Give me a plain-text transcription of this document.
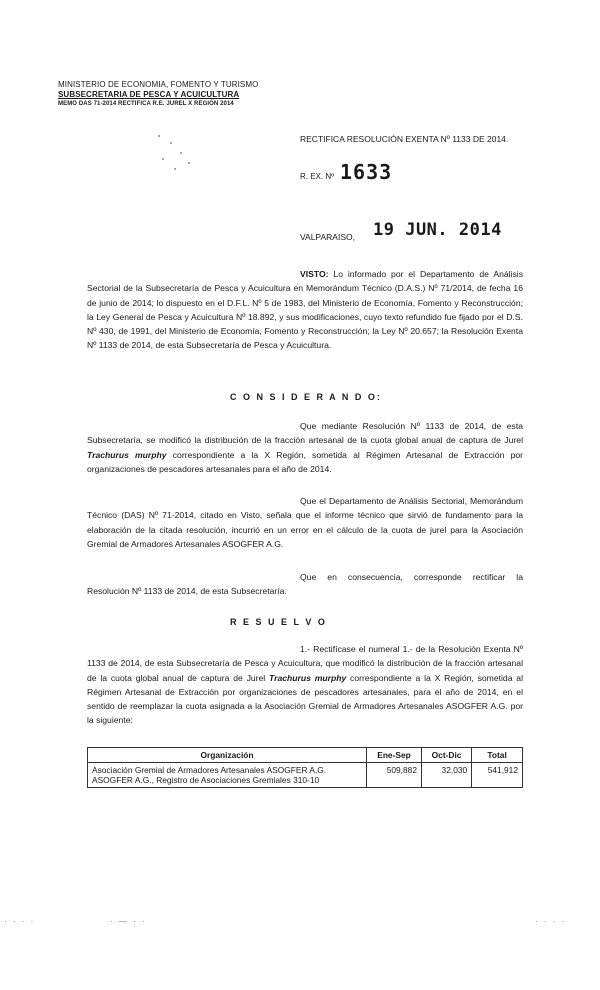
MINISTERIO DE ECONOMIA, FOMENTO Y TURISMO
SUBSECRETARIA DE PESCA Y ACUICULTURA
MEMO DAS 71-2014 RECTIFICA R.E. JUREL X REGIÓN 2014
RECTIFICA RESOLUCIÓN EXENTA Nº 1133 DE 2014.
R. EX. Nº 1633
VALPARAISO, 19 JUN. 2014
VISTO: Lo informado por el Departamento de Análisis Sectorial de la Subsecretaría de Pesca y Acuicultura en Memorándum Técnico (D.A.S.) Nº 71/2014, de fecha 16 de junio de 2014; lo dispuesto en el D.F.L. Nº 5 de 1983, del Ministerio de Economía, Fomento y Reconstrucción; la Ley General de Pesca y Acuicultura Nº 18.892, y sus modificaciones, cuyo texto refundido fue fijado por el D.S. Nº 430, de 1991, del Ministerio de Economía, Fomento y Reconstrucción; la Ley Nº 20.657; la Resolución Exenta Nº 1133 de 2014, de esta Subsecretaría de Pesca y Acuicultura.
C O N S I D E R A N D O:
Que mediante Resolución Nº 1133 de 2014, de esta Subsecretaría, se modificó la distribución de la fracción artesanal de la cuota global anual de captura de Jurel Trachurus murphy correspondiente a la X Región, sometida al Régimen Artesanal de Extracción por organizaciones de pescadores artesanales para el año de 2014.
Que el Departamento de Análisis Sectorial, Memorándum Técnico (DAS) Nº 71-2014, citado en Visto, señala que el informe técnico que sirvió de fundamento para la elaboración de la citada resolución, incurrió en un error en el cálculo de la cuota de jurel para la Asociación Gremial de Armadores Artesanales ASOGFER A.G.
Que en consecuencia, corresponde rectificar la Resolución Nº 1133 de 2014, de esta Subsecretaría.
R E S U E L V O
1.- Rectifícase el numeral 1.- de la Resolución Exenta Nº 1133 de 2014, de esta Subsecretaría de Pesca y Acuicultura, que modificó la distribución de la fracción artesanal de la cuota global anual de captura de Jurel Trachurus murphy correspondiente a la X Región, sometida al Régimen Artesanal de Extracción por organizaciones de pescadores artesanales, para el año de 2014, en el sentido de reemplazar la cuota asignada a la Asociación Gremial de Armadores Artesanales ASOGFER A.G. por la siguiente:
Organización	Ene-Sep	Oct-Dic	Total
Asociación Gremial de Armadores Artesanales ASOGFER A.G. ASOGFER A.G., Registro de Asociaciones Gremiales 310-10	509,882	32,030	541,912
· · · ·	· — · ·	· · · ·
